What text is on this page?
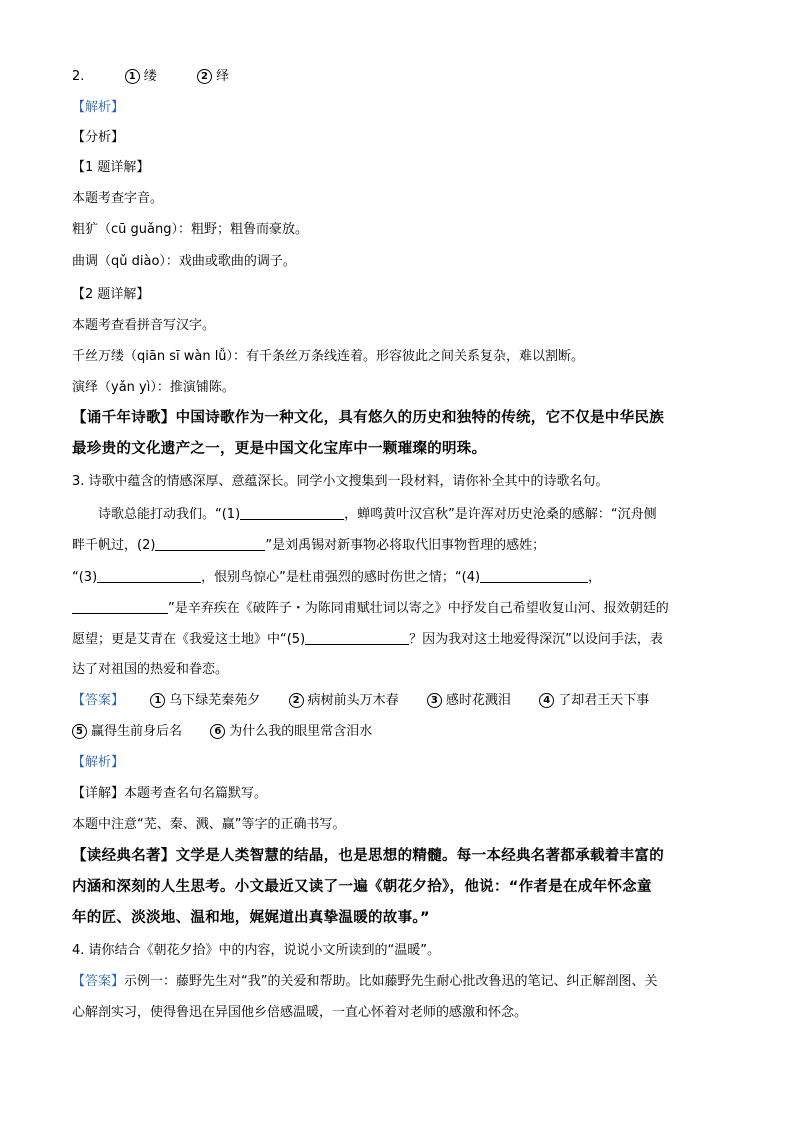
2.	1 缕	2 绎
【解析】
【分析】
【1 题详解】
本题考查字音。
粗犷（cū guǎng）：粗野；粗鲁而豪放。
曲调（qǔ diào）：戏曲或歌曲的调子。
【2 题详解】
本题考查看拼音写汉字。
千丝万缕（qiān sī wàn lǚ）：有千条丝万条线连着。形容彼此之间关系复杂，难以割断。
演绎（yǎn yì）：推演铺陈。
【诵千年诗歌】中国诗歌作为一种文化，具有悠久的历史和独特的传统，它不仅是中华民族
最珍贵的文化遗产之一，更是中国文化宝库中一颗璀璨的明珠。
3. 诗歌中蕴含的情感深厚、意蕴深长。同学小文搜集到一段材料，请你补全其中的诗歌名句。
诗歌总能打动我们。“(1)	，蝉鸣黄叶汉宫秋”是许浑对历史沧桑的感解：“沉舟侧
畔千帆过，(2)	”是刘禹锡对新事物必将取代旧事物哲理的感姓；
“(3)	，恨别鸟惊心”是杜甫强烈的感时伤世之情；“(4)	，
”是辛弃疾在《破阵子・为陈同甫赋壮词以寄之》中抒发自己希望收复山河、报效朝廷的
愿望；更是艾青在《我爱这土地》中“(5)	？因为我对这土地爱得深沉”以设问手法，表
达了对祖国的热爱和眷恋。
【答案】	1 乌下绿芜秦苑夕	2 病树前头万木春	3 感时花溅泪	4 了却君王天下事
5 赢得生前身后名	6 为什么我的眼里常含泪水
【解析】
【详解】本题考查名句名篇默写。
本题中注意“芜、秦、溅、赢”等字的正确书写。
【读经典名著】文学是人类智慧的结晶，也是思想的精髓。每一本经典名著都承载着丰富的
内涵和深刻的人生思考。小文最近又读了一遍《朝花夕拾》，他说：“作者是在成年怀念童
年的匠、淡淡地、温和地，娓娓道出真挚温暖的故事。”
4. 请你结合《朝花夕拾》中的内容，说说小文所读到的“温暖”。
【答案】示例一：藤野先生对“我”的关爱和帮助。比如藤野先生耐心批改鲁迅的笔记、纠正解剖图、关
心解剖实习，使得鲁迅在异国他乡倍感温暖，一直心怀着对老师的感激和怀念。
